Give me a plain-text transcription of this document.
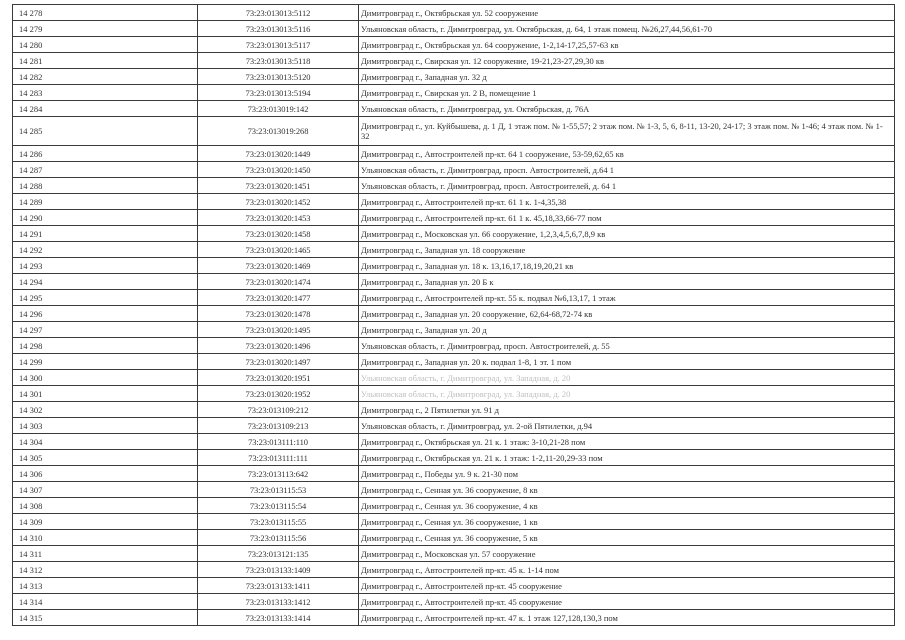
14 278	73:23:013013:5112	Димитровград г., Октябрьская ул. 52 сооружение
14 279	73:23:013013:5116	Ульяновская область, г. Димитровград, ул. Октябрьская, д. 64, 1 этаж помещ. №26,27,44,56,61-70
14 280	73:23:013013:5117	Димитровград г., Октябрьская ул. 64 сооружение, 1-2,14-17,25,57-63 кв
14 281	73:23:013013:5118	Димитровград г., Свирская ул. 12 сооружение, 19-21,23-27,29,30 кв
14 282	73:23:013013:5120	Димитровград г., Западная ул. 32 д
14 283	73:23:013013:5194	Димитровград г., Свирская ул. 2 В, помещение 1
14 284	73:23:013019:142	Ульяновская область, г. Димитровград, ул. Октябрьская, д. 76А
14 285	73:23:013019:268	Димитровград г., ул. Куйбышева, д. 1 Д, 1 этаж пом. № 1-55,57; 2 этаж пом. № 1-3, 5, 6, 8-11, 13-20, 24-17; 3 этаж пом. № 1-46; 4 этаж пом. № 1-32
14 286	73:23:013020:1449	Димитровград г., Автостроителей пр-кт. 64 1 сооружение, 53-59,62,65 кв
14 287	73:23:013020:1450	Ульяновская область, г. Димитровград, просп. Автостроителей, д.64 1
14 288	73:23:013020:1451	Ульяновская область, г. Димитровград, просп. Автостроителей, д. 64 1
14 289	73:23:013020:1452	Димитровград г., Автостроителей пр-кт. 61 1 к. 1-4,35,38
14 290	73:23:013020:1453	Димитровград г., Автостроителей пр-кт. 61 1 к. 45,18,33,66-77 пом
14 291	73:23:013020:1458	Димитровград г., Московская ул. 66 сооружение, 1,2,3,4,5,6,7,8,9 кв
14 292	73:23:013020:1465	Димитровград г., Западная ул. 18 сооружение
14 293	73:23:013020:1469	Димитровград г., Западная ул. 18 к. 13,16,17,18,19,20,21 кв
14 294	73:23:013020:1474	Димитровград г., Западная ул. 20 Б к
14 295	73:23:013020:1477	Димитровград г., Автостроителей пр-кт. 55 к. подвал №6,13,17, 1 этаж
14 296	73:23:013020:1478	Димитровград г., Западная ул. 20 сооружение, 62,64-68,72-74 кв
14 297	73:23:013020:1495	Димитровград г., Западная ул. 20 д
14 298	73:23:013020:1496	Ульяновская область, г. Димитровград, просп. Автостроителей, д. 55
14 299	73:23:013020:1497	Димитровград г., Западная ул. 20 к. подвал 1-8, 1 эт. 1 пом
14 300	73:23:013020:1951	Ульяновская область, г. Димитровград, ул. Западная, д. 20
14 301	73:23:013020:1952	Ульяновская область, г. Димитровград, ул. Западная, д. 20
14 302	73:23:013109:212	Димитровград г., 2 Пятилетки ул. 91 д
14 303	73:23:013109:213	Ульяновская область, г. Димитровград, ул. 2-ой Пятилетки, д.94
14 304	73:23:013111:110	Димитровград г., Октябрьская ул. 21 к. 1 этаж: 3-10,21-28 пом
14 305	73:23:013111:111	Димитровград г., Октябрьская ул. 21 к. 1 этаж: 1-2,11-20,29-33 пом
14 306	73:23:013113:642	Димитровград г., Победы ул. 9 к. 21-30 пом
14 307	73:23:013115:53	Димитровград г., Сенная ул. 36 сооружение, 8 кв
14 308	73:23:013115:54	Димитровград г., Сенная ул. 36 сооружение, 4 кв
14 309	73:23:013115:55	Димитровград г., Сенная ул. 36 сооружение, 1 кв
14 310	73:23:013115:56	Димитровград г., Сенная ул. 36 сооружение, 5 кв
14 311	73:23:013121:135	Димитровград г., Московская ул. 57 сооружение
14 312	73:23:013133:1409	Димитровград г., Автостроителей пр-кт. 45 к. 1-14 пом
14 313	73:23:013133:1411	Димитровград г., Автостроителей пр-кт. 45 сооружение
14 314	73:23:013133:1412	Димитровград г., Автостроителей пр-кт. 45 сооружение
14 315	73:23:013133:1414	Димитровград г., Автостроителей пр-кт. 47 к. 1 этаж 127,128,130,3 пом
